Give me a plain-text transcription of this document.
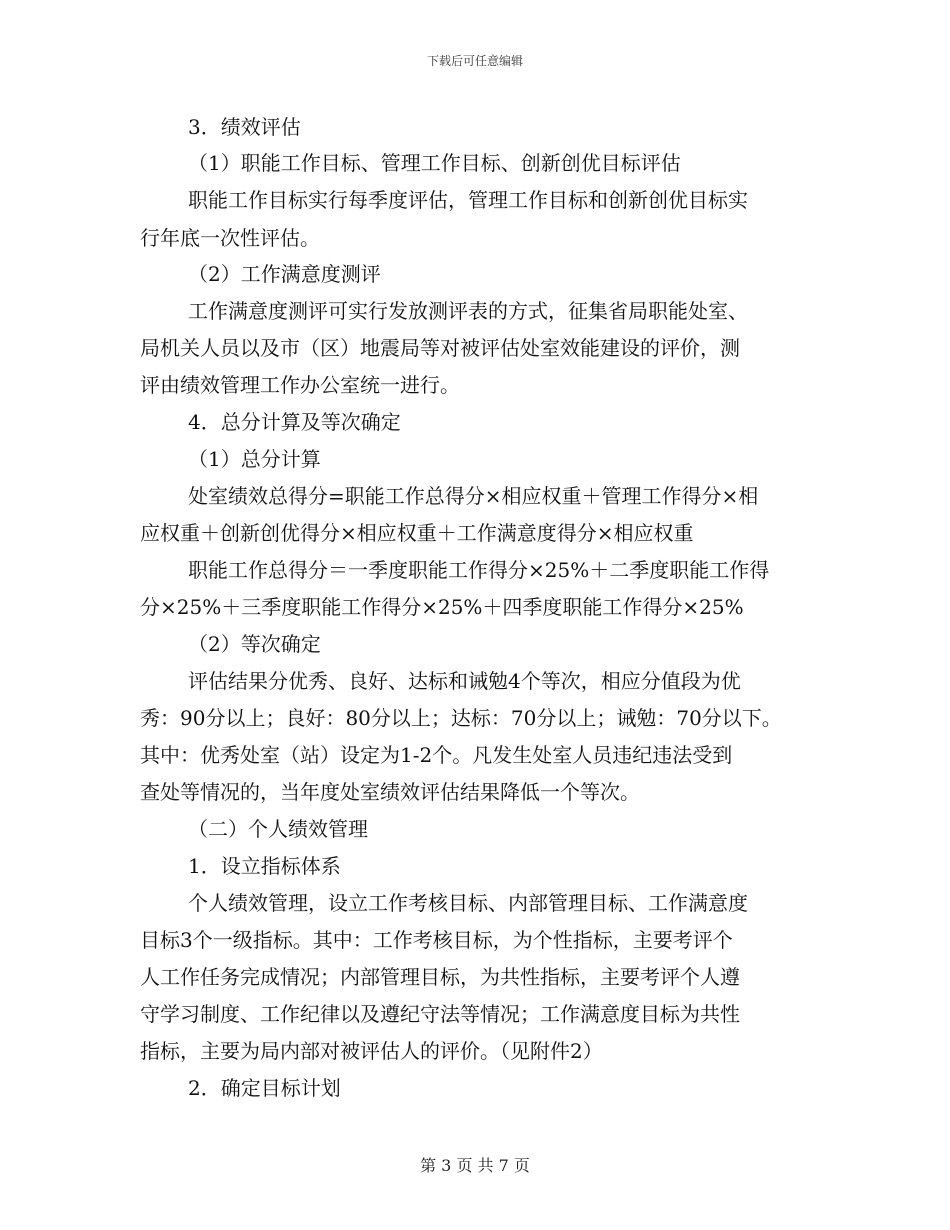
下载后可任意编辑
3．绩效评估
（1）职能工作目标、管理工作目标、创新创优目标评估
职能工作目标实行每季度评估，管理工作目标和创新创优目标实
行年底一次性评估。
（2）工作满意度测评
工作满意度测评可实行发放测评表的方式，征集省局职能处室、
局机关人员以及市（区）地震局等对被评估处室效能建设的评价，测
评由绩效管理工作办公室统一进行。
4．总分计算及等次确定
（1）总分计算
处室绩效总得分=职能工作总得分×相应权重＋管理工作得分×相
应权重＋创新创优得分×相应权重＋工作满意度得分×相应权重
职能工作总得分＝一季度职能工作得分×25%＋二季度职能工作得
分×25%＋三季度职能工作得分×25%＋四季度职能工作得分×25%
（2）等次确定
评估结果分优秀、良好、达标和诫勉4个等次，相应分值段为优
秀：90分以上；良好：80分以上；达标：70分以上；诫勉：70分以下。
其中：优秀处室（站）设定为1-2个。凡发生处室人员违纪违法受到
查处等情况的，当年度处室绩效评估结果降低一个等次。
（二）个人绩效管理
1．设立指标体系
个人绩效管理，设立工作考核目标、内部管理目标、工作满意度
目标3个一级指标。其中：工作考核目标，为个性指标，主要考评个
人工作任务完成情况；内部管理目标，为共性指标，主要考评个人遵
守学习制度、工作纪律以及遵纪守法等情况；工作满意度目标为共性
指标，主要为局内部对被评估人的评价。（见附件2）
2．确定目标计划
第 3 页 共 7 页
